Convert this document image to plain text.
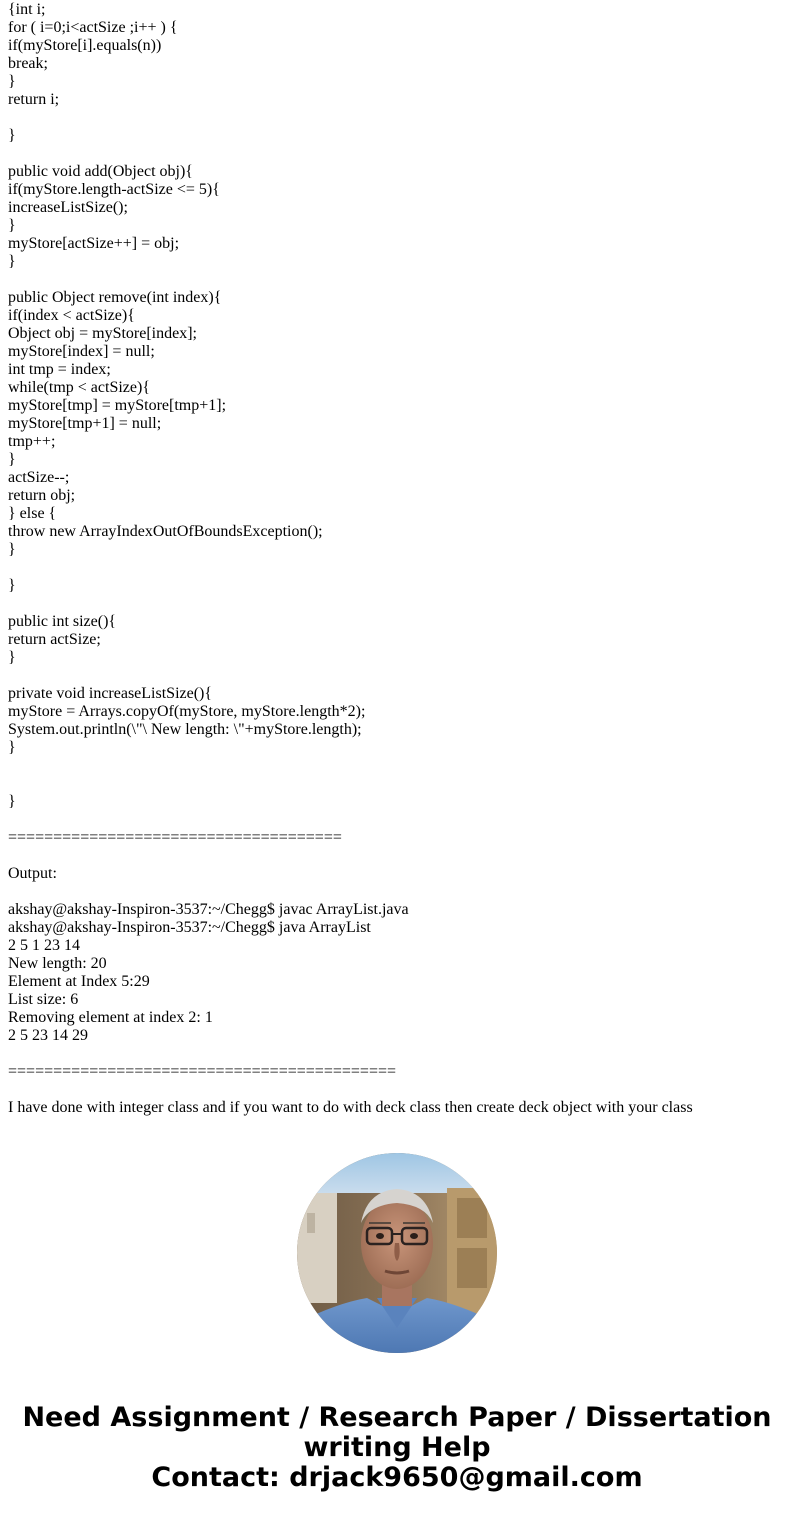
{int i;
for ( i=0;i<actSize ;i++ ) {
if(myStore[i].equals(n))
break;
}
return i;
}
public void add(Object obj){
if(myStore.length-actSize <= 5){
increaseListSize();
}
myStore[actSize++] = obj;
}
public Object remove(int index){
if(index < actSize){
Object obj = myStore[index];
myStore[index] = null;
int tmp = index;
while(tmp < actSize){
myStore[tmp] = myStore[tmp+1];
myStore[tmp+1] = null;
tmp++;
}
actSize--;
return obj;
} else {
throw new ArrayIndexOutOfBoundsException();
}
}
public int size(){
return actSize;
}
private void increaseListSize(){
myStore = Arrays.copyOf(myStore, myStore.length*2);
System.out.println(\"\ New length: \"+myStore.length);
}
}
=====================================
Output:
akshay@akshay-Inspiron-3537:~/Chegg$ javac ArrayList.java
akshay@akshay-Inspiron-3537:~/Chegg$ java ArrayList
2 5 1 23 14
New length: 20
Element at Index 5:29
List size: 6
Removing element at index 2: 1
2 5 23 14 29
===========================================
I have done with integer class and if you want to do with deck class then create deck object with your class
Need Assignment / Research Paper / Dissertation
writing Help
Contact: drjack9650@gmail.com
